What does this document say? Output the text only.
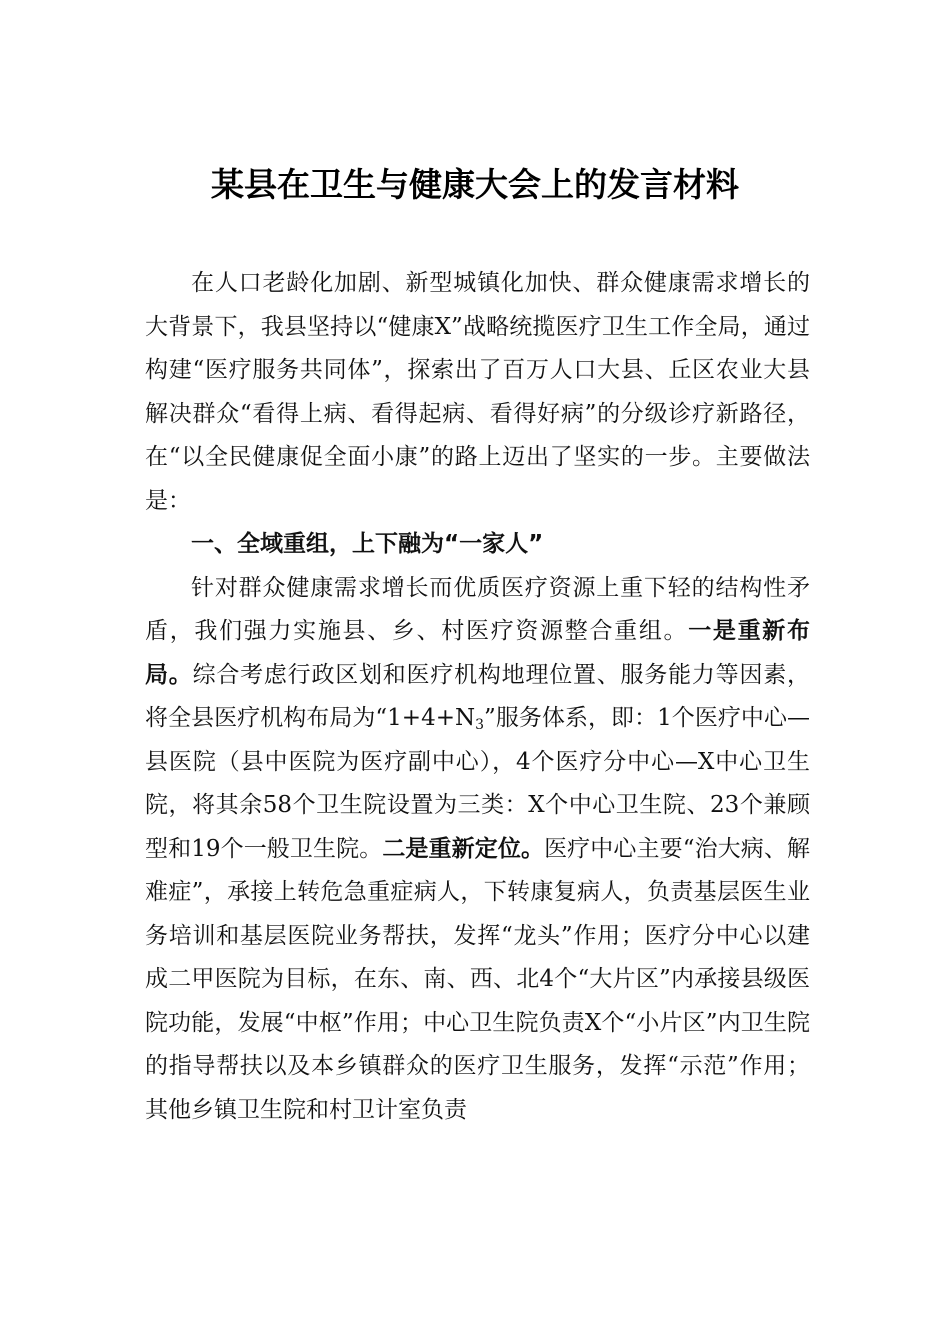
某县在卫生与健康大会上的发言材料

在人口老龄化加剧、新型城镇化加快、群众健康需求增长的大背景下，我县坚持以“健康X”战略统揽医疗卫生工作全局，通过构建“医疗服务共同体”，探索出了百万人口大县、丘区农业大县解决群众“看得上病、看得起病、看得好病”的分级诊疗新路径，在“以全民健康促全面小康”的路上迈出了坚实的一步。主要做法是：

一、全域重组，上下融为“一家人”

针对群众健康需求增长而优质医疗资源上重下轻的结构性矛盾，我们强力实施县、乡、村医疗资源整合重组。一是重新布局。综合考虑行政区划和医疗机构地理位置、服务能力等因素，将全县医疗机构布局为“$1+4+N_3$”服务体系，即：1个医疗中心—县医院（县中医院为医疗副中心），4个医疗分中心—X中心卫生院，将其余58个卫生院设置为三类：X个中心卫生院、23个兼顾型和19个一般卫生院。二是重新定位。医疗中心主要“治大病、解难症”，承接上转危急重症病人，下转康复病人，负责基层医生业务培训和基层医院业务帮扶，发挥“龙头”作用；医疗分中心以建成二甲医院为目标，在东、南、西、北4个“大片区”内承接县级医院功能，发展“中枢”作用；中心卫生院负责X个“小片区”内卫生院的指导帮扶以及本乡镇群众的医疗卫生服务，发挥“示范”作用；其他乡镇卫生院和村卫计室负责
